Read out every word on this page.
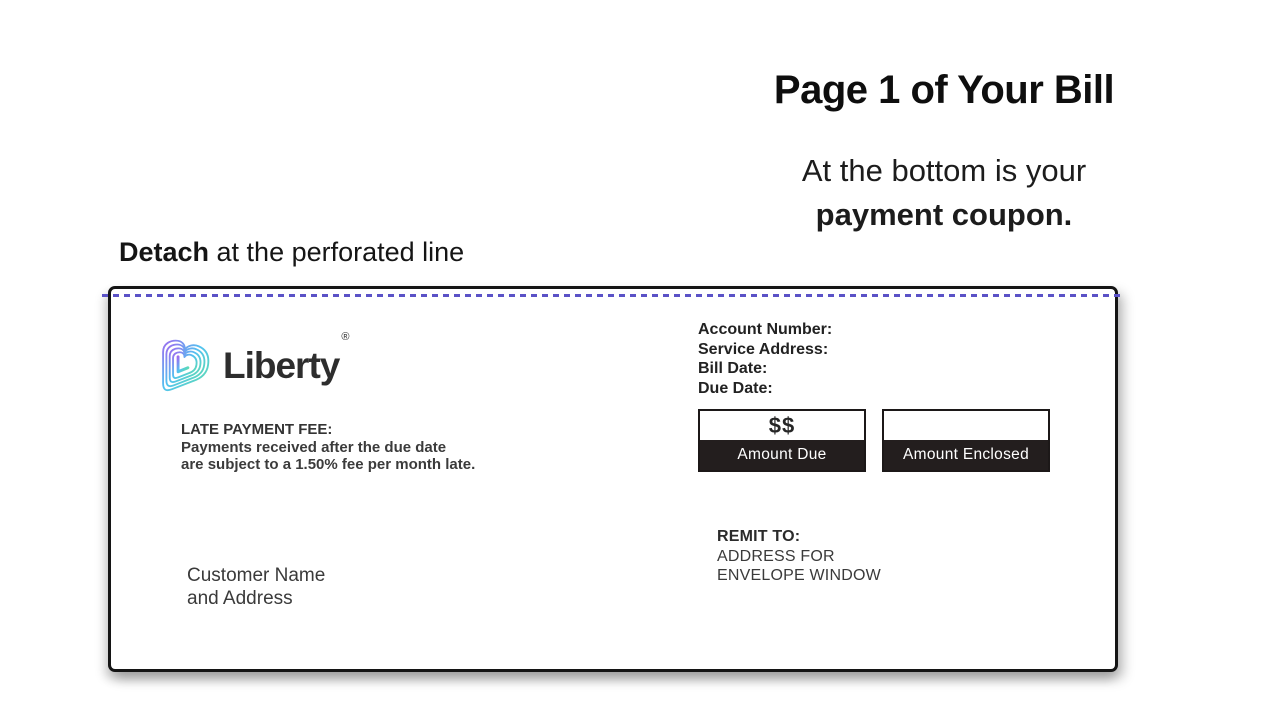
Page 1 of Your Bill
At the bottom is your
payment coupon.
Detach at the perforated line
Liberty®
LATE PAYMENT FEE:
Payments received after the due date
are subject to a 1.50% fee per month late.
Account Number:
Service Address:
Bill Date:
Due Date:
$$
Amount Due	Amount Enclosed
REMIT TO:
ADDRESS FOR
ENVELOPE WINDOW
Customer Name
and Address
